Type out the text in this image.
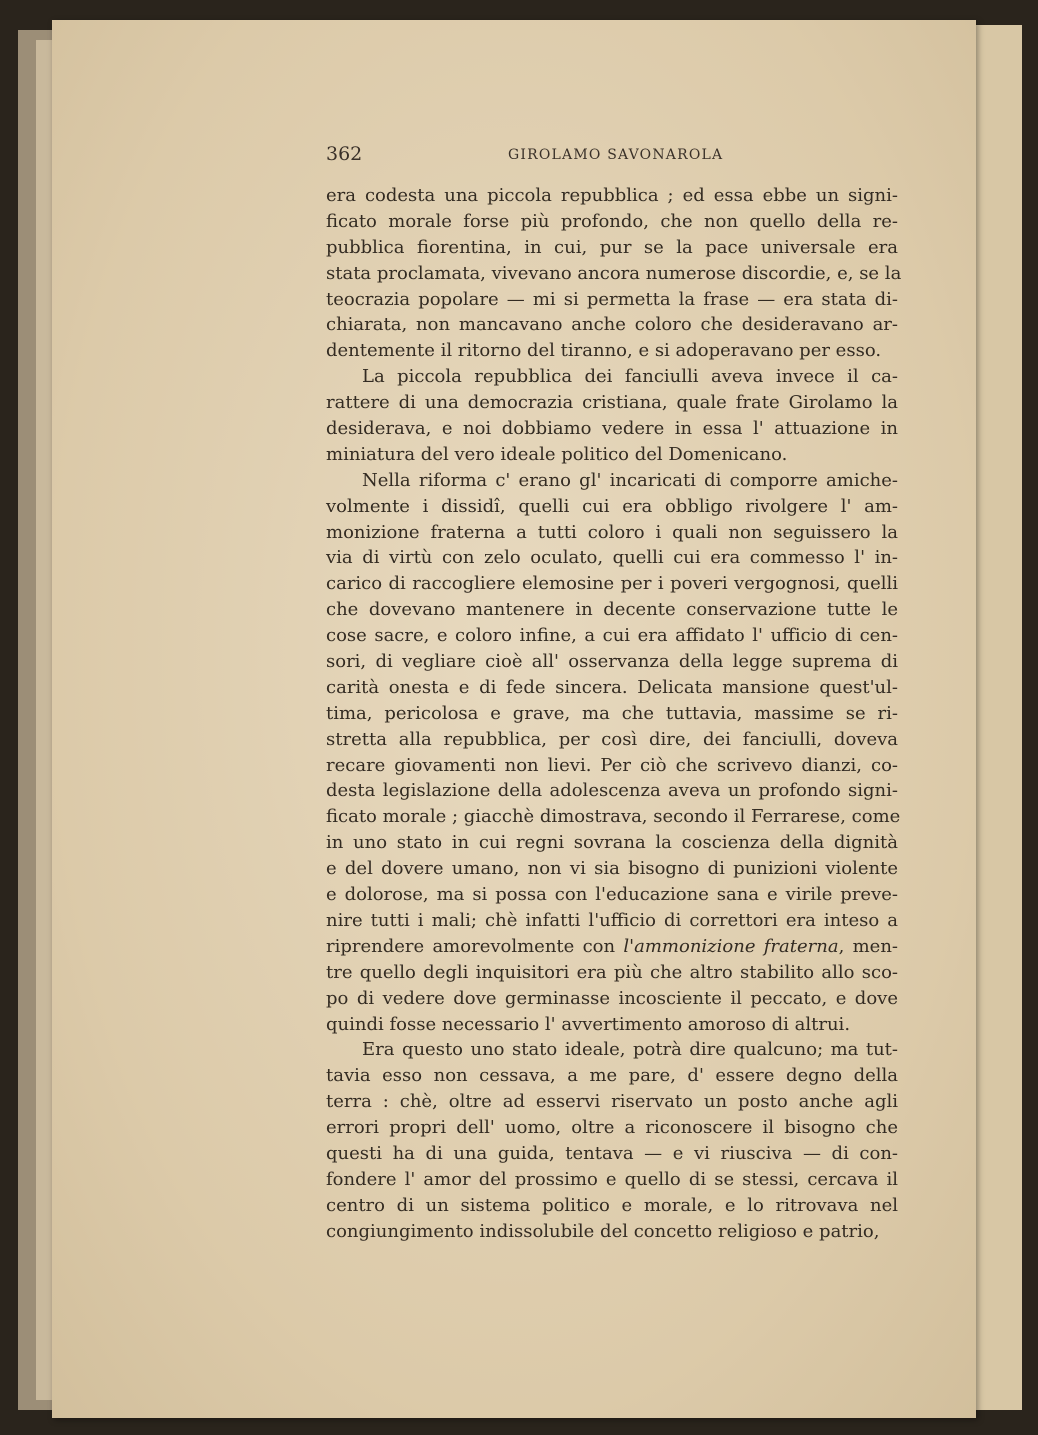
362	GIROLAMO SAVONAROLA
era codesta una piccola repubblica ; ed essa ebbe un signi-
ficato morale forse più profondo, che non quello della re-
pubblica fiorentina, in cui, pur se la pace universale era
stata proclamata, vivevano ancora numerose discordie, e, se la
teocrazia popolare — mi si permetta la frase — era stata di-
chiarata, non mancavano anche coloro che desideravano ar-
dentemente il ritorno del tiranno, e si adoperavano per esso.
La piccola repubblica dei fanciulli aveva invece il ca-
rattere di una democrazia cristiana, quale frate Girolamo la
desiderava, e noi dobbiamo vedere in essa l' attuazione in
miniatura del vero ideale politico del Domenicano.
Nella riforma c' erano gl' incaricati di comporre amiche-
volmente i dissidî, quelli cui era obbligo rivolgere l' am-
monizione fraterna a tutti coloro i quali non seguissero la
via di virtù con zelo oculato, quelli cui era commesso l' in-
carico di raccogliere elemosine per i poveri vergognosi, quelli
che dovevano mantenere in decente conservazione tutte le
cose sacre, e coloro infine, a cui era affidato l' ufficio di cen-
sori, di vegliare cioè all' osservanza della legge suprema di
carità onesta e di fede sincera. Delicata mansione quest'ul-
tima, pericolosa e grave, ma che tuttavia, massime se ri-
stretta alla repubblica, per così dire, dei fanciulli, doveva
recare giovamenti non lievi. Per ciò che scrivevo dianzi, co-
desta legislazione della adolescenza aveva un profondo signi-
ficato morale ; giacchè dimostrava, secondo il Ferrarese, come
in uno stato in cui regni sovrana la coscienza della dignità
e del dovere umano, non vi sia bisogno di punizioni violente
e dolorose, ma si possa con l'educazione sana e virile preve-
nire tutti i mali; chè infatti l'ufficio di correttori era inteso a
riprendere amorevolmente con l'ammonizione fraterna, men-
tre quello degli inquisitori era più che altro stabilito allo sco-
po di vedere dove germinasse incosciente il peccato, e dove
quindi fosse necessario l' avvertimento amoroso di altrui.
Era questo uno stato ideale, potrà dire qualcuno; ma tut-
tavia esso non cessava, a me pare, d' essere degno della
terra : chè, oltre ad esservi riservato un posto anche agli
errori propri dell' uomo, oltre a riconoscere il bisogno che
questi ha di una guida, tentava — e vi riusciva — di con-
fondere l' amor del prossimo e quello di se stessi, cercava il
centro di un sistema politico e morale, e lo ritrovava nel
congiungimento indissolubile del concetto religioso e patrio,
